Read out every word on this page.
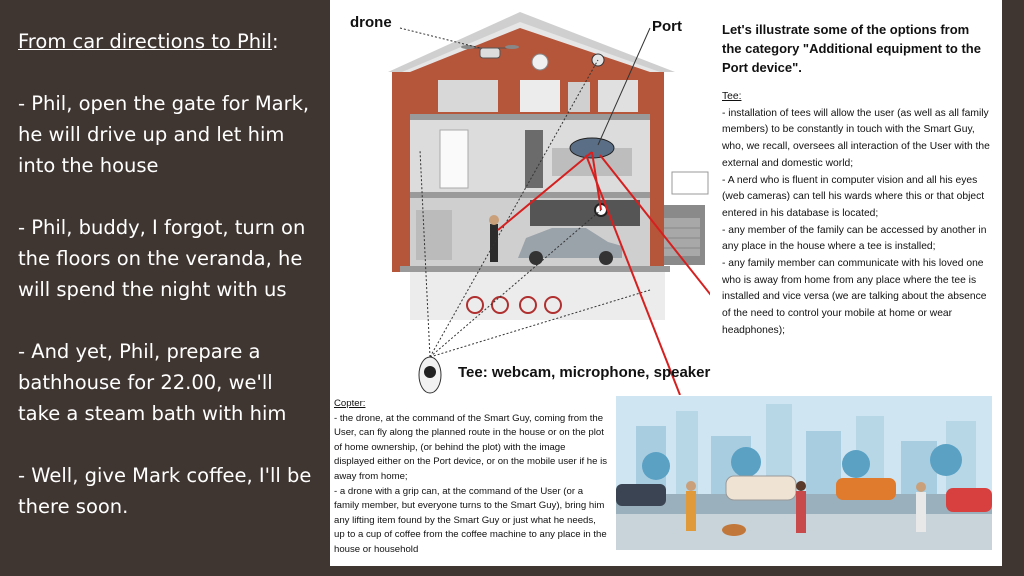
From car directions to Phil:

- Phil, open the gate for Mark, he will drive up and let him into the house

- Phil, buddy, I forgot, turn on the floors on the veranda, he will spend the night with us

- And yet, Phil, prepare a bathhouse for 22.00, we'll take a steam bath with him

- Well, give Mark coffee, I'll be there soon.

drone	Port	Let's illustrate some of the options from the category "Additional equipment to the Port device".
Tee:
- installation of tees will allow the user (as well as all family members) to be constantly in touch with the Smart Guy, who, we recall, oversees all interaction of the User with the external and domestic world;
- A nerd who is fluent in computer vision and all his eyes (web cameras) can tell his wards where this or that object entered in his database is located;
- any member of the family can be accessed by another in any place in the house where a tee is installed;
- any family member can communicate with his loved one who is away from home from any place where the tee is installed and vice versa (we are talking about the absence of the need to control your mobile at home or wear headphones);
Tee: webcam, microphone, speaker
Copter:
- the drone, at the command of the Smart Guy, coming from the User, can fly along the planned route in the house or on the plot of home ownership, (or behind the plot) with the image displayed either on the Port device, or on the mobile user if he is away from home;
- a drone with a grip can, at the command of the User (or a family member, but everyone turns to the Smart Guy), bring him any lifting item found by the Smart Guy or just what he needs, up to a cup of coffee from the coffee machine to any place in the house or household
